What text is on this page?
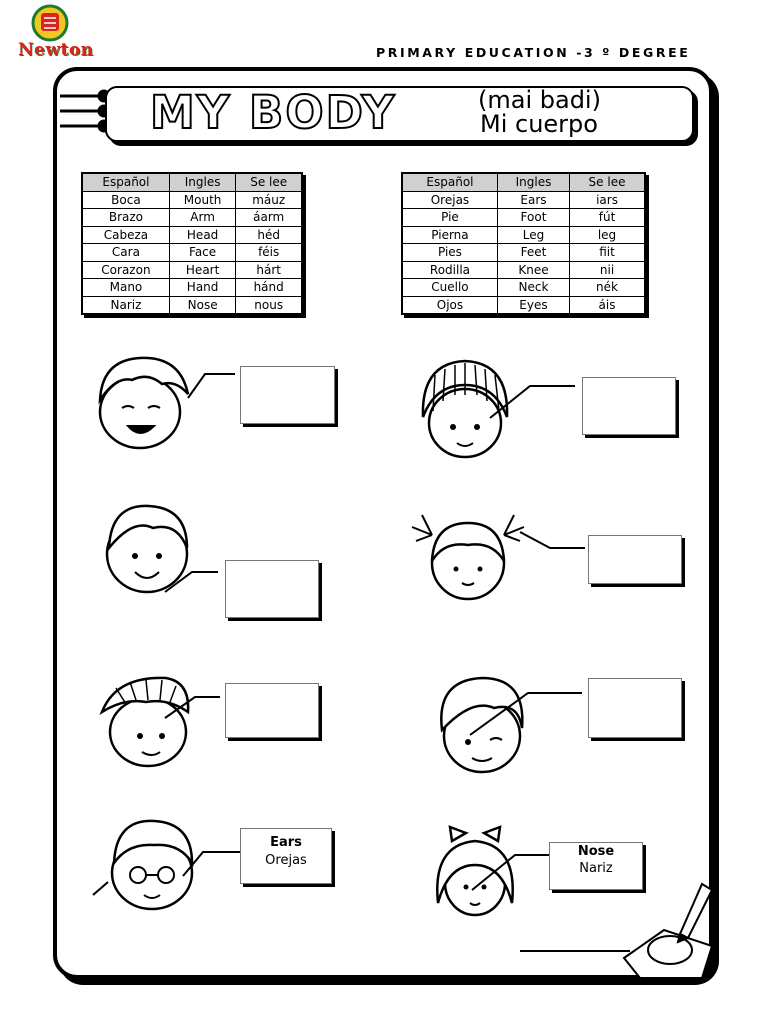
Newton	PRIMARY EDUCATION -3 º DEGREE
MY BODY	(mai badi)
Mi cuerpo
Español	Ingles	Se lee
Boca	Mouth	máuz
Brazo	Arm	áarm
Cabeza	Head	héd
Cara	Face	féis
Corazon	Heart	hárt
Mano	Hand	hánd
Nariz	Nose	nous
Español	Ingles	Se lee
Orejas	Ears	iars
Pie	Foot	fút
Pierna	Leg	leg
Pies	Feet	fiit
Rodilla	Knee	nii
Cuello	Neck	nék
Ojos	Eyes	áis
Ears
Orejas
Nose
Nariz
